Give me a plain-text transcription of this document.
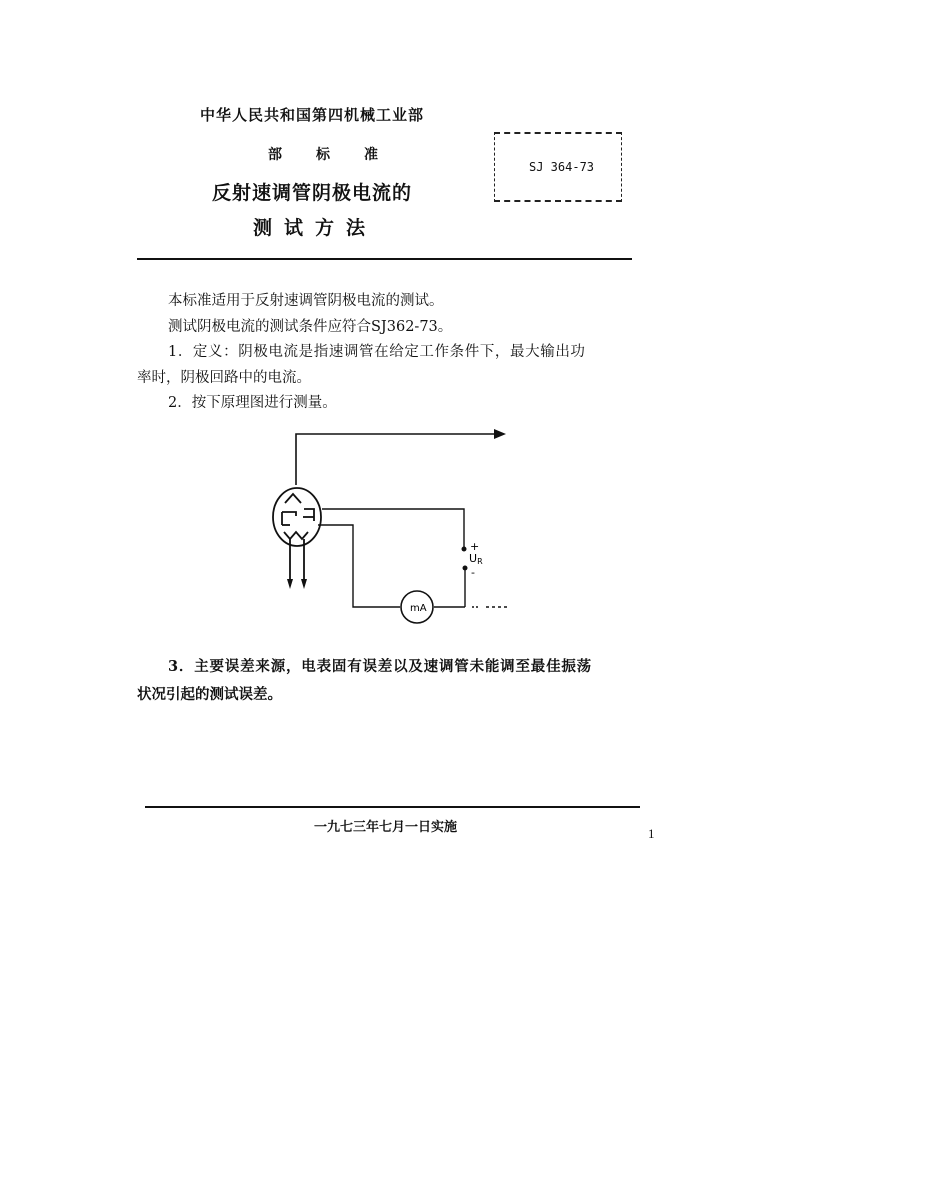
中华人民共和国第四机械工业部
部标准
反射速调管阴极电流的
测试方法
SJ 364-73
本标准适用于反射速调管阴极电流的测试。
测试阴极电流的测试条件应符合SJ362-73。
1．定义：阴极电流是指速调管在给定工作条件下，最大输出功
率时，阴极回路中的电流。
2．按下原理图进行测量。
+
UR
-
mA
3．主要误差来源，电表固有误差以及速调管未能调至最佳振荡
状况引起的测试误差。
一九七三年七月一日实施	1
